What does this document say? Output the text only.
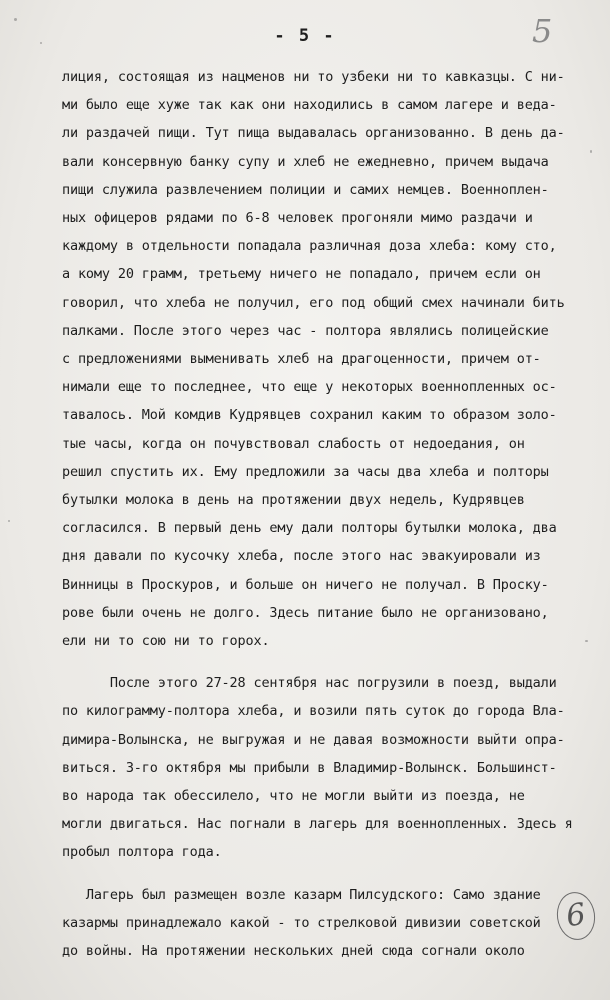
- 5 -	5

6

лиция, состоящая из нацменов ни то узбеки ни то кавказцы. С ни-
ми было еще хуже так как они находились в самом лагере и веда-
ли раздачей пищи. Тут пища выдавалась организованно. В день да-
вали консервную банку супу и хлеб не ежедневно, причем выдача
пищи служила развлечением полиции и самих немцев. Военноплен-
ных офицеров рядами по 6-8 человек прогоняли мимо раздачи и
каждому в отдельности попадала различная доза хлеба: кому сто,
а кому 20 грамм, третьему ничего не попадало, причем если он
говорил, что хлеба не получил, его под общий смех начинали бить
палками. После этого через час - полтора являлись полицейские
с предложениями выменивать хлеб на драгоценности, причем от-
нимали еще то последнее, что еще у некоторых военнопленных ос-
тавалось. Мой комдив Кудрявцев сохранил каким то образом золо-
тые часы, когда он почувствовал слабость от недоедания, он
решил спустить их. Ему предложили за часы два хлеба и полторы
бутылки молока в день на протяжении двух недель, Кудрявцев
согласился. В первый день ему дали полторы бутылки молока, два
дня давали по кусочку хлеба, после этого нас эвакуировали из
Винницы в Проскуров, и больше он ничего не получал. В Проску-
рове были очень не долго. Здесь питание было не организовано,
ели ни то сою ни то горох.
После этого 27-28 сентября нас погрузили в поезд, выдали
по килограмму-полтора хлеба, и возили пять суток до города Вла-
димира-Волынска, не выгружая и не давая возможности выйти опра-
виться. 3-го октября мы прибыли в Владимир-Волынск. Большинст-
во народа так обессилело, что не могли выйти из поезда, не
могли двигаться. Нас погнали в лагерь для военнопленных. Здесь я
пробыл полтора года.
Лагерь был размещен возле казарм Пилсудского: Само здание
казармы принадлежало какой - то стрелковой дивизии советской
до войны. На протяжении нескольких дней сюда согнали около
